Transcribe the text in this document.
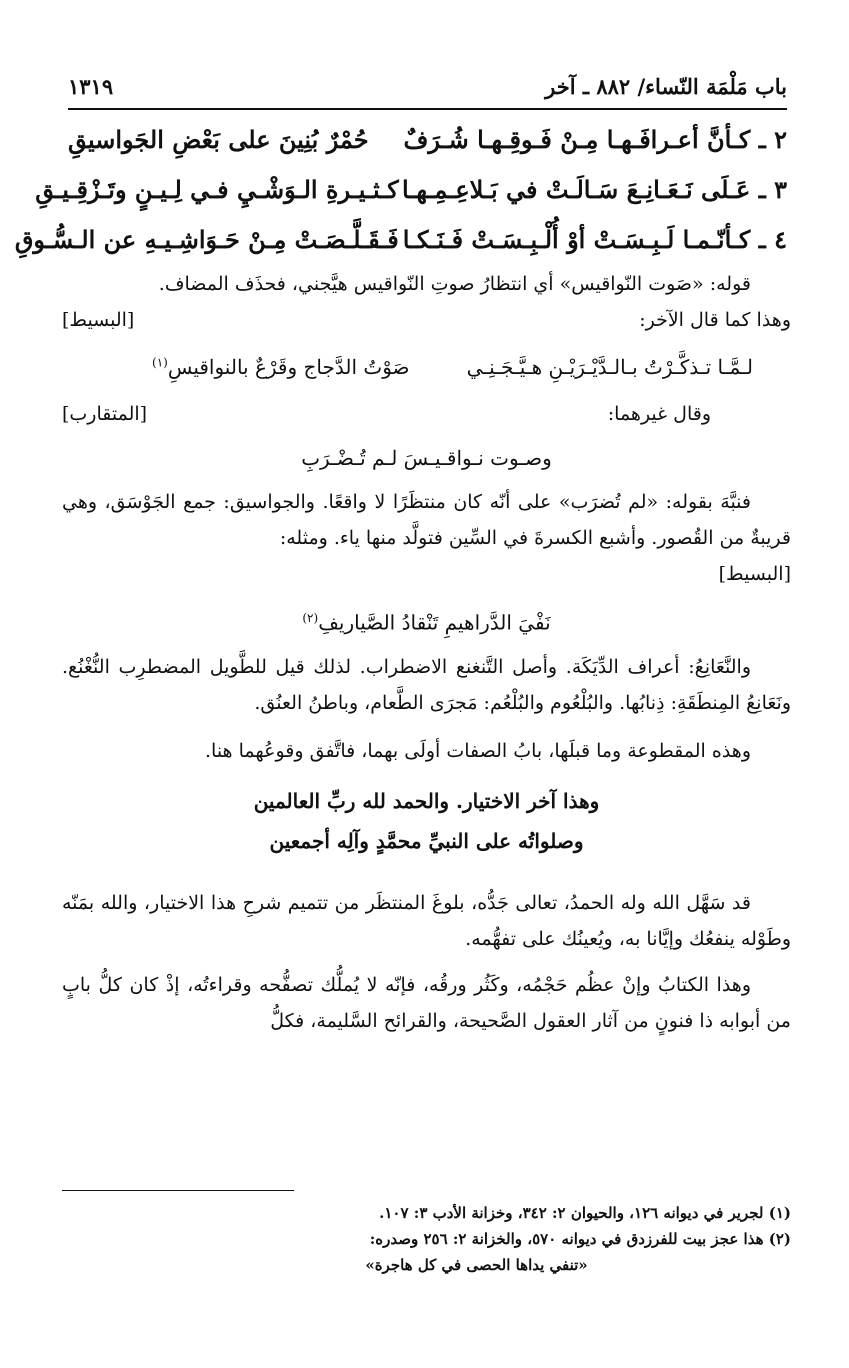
باب مَلْمَة النّساء/ ٨٨٢ ـ آخر
١٣١٩
٢ ـ كـأنَّ أعـرافَـهـا مِـنْ فَـوقِـهـا شُـرَفٌ
حُمْرٌ بُنِينَ على بَعْضِ الجَواسيقِ
٣ ـ عَـلَى نَـعَـانِـعَ سَـالَـتْ في بَـلاعِـمِـهـا
كـثـيـرةِ الـوَشْـيِ فـي لِـيـنٍ وتَـزْقِـيـقِ
٤ ـ كـأنّـمـا لَـبِـسَـتْ أوْ أُلْـبِـسَـتْ فَـنَـكـا
فَـقَـلَّـصَـتْ مِـنْ حَـوَاشِـيـهِ عن الـسُّـوقِ

قوله: «صَوت النّواقيس» أي انتظارُ صوتِ النّواقيس هيَّجني، فحذَف المضاف.

وهذا كما قال الآخر:
[البسيط]
لـمَّـا تـذكَّـرْتُ بـالـدَّيْـرَيْـنِ هـيَّـجَـنِـي
صَوْتُ الدَّجاج وقَرْعٌ بالنواقيسِ$^{(١)}$
وقال غيرهما:
[المتقارب]
وصـوت نـواقـيـسَ لـم تُـضْـرَبِ

فنبَّهَ بقوله: «لم تُضرَب» على أنّه كان منتظَرًا لا واقعًا. والجواسيق: جمع الجَوْسَق، وهي قريبةٌ من القُصور. وأشبع الكسرةَ في السِّين فتولَّد منها ياء. ومثله:

[البسيط]
نَفْيَ الدَّراهيمِ تَنْقادُ الصَّياريفِ$^{(٢)}$

والنَّعَانِعُ: أعراف الدِّيَكَة. وأصل التَّنغنع الاضطراب. لذلك قيل للطَّويل المضطرِب النُّغْنُع. ونَعَانِعُ المِنطَقَةِ: ذِنابُها. والبُلْعُوم والبُلْعُم: مَجرَى الطَّعام، وباطنُ العنُق.

وهذه المقطوعة وما قبلَها، بابُ الصفات أولَى بهما، فاتَّفق وقوعُهما هنا.

وهذا آخر الاختيار. والحمد لله ربِّ العالمين
وصلواتُه على النبيِّ محمَّدٍ وآلِه أجمعين

قد سَهَّل الله وله الحمدُ، تعالى جَدُّه، بلوغَ المنتظَر من تتميم شرحِ هذا الاختيار، والله بمَنّه وطَوْله ينفعُك وإيَّانا به، ويُعينُك على تفهُّمه.

وهذا الكتابُ وإنْ عظُم حَجْمُه، وكَثُر ورقُه، فإنّه لا يُملُّك تصفُّحه وقراءتُه، إذْ كان كلُّ بابٍ من أبوابه ذا فنونٍ من آثار العقول الصَّحيحة، والقرائح السَّليمة، فكلُّ

(١) لجرير في ديوانه ١٢٦، والحيوان ٢: ٣٤٢، وخزانة الأدب ٣: ١٠٧.
(٢) هذا عجز بيت للفرزدق في ديوانه ٥٧٠، والخزانة ٢: ٢٥٦ وصدره:
«تنفي يداها الحصى في كل هاجرة»
